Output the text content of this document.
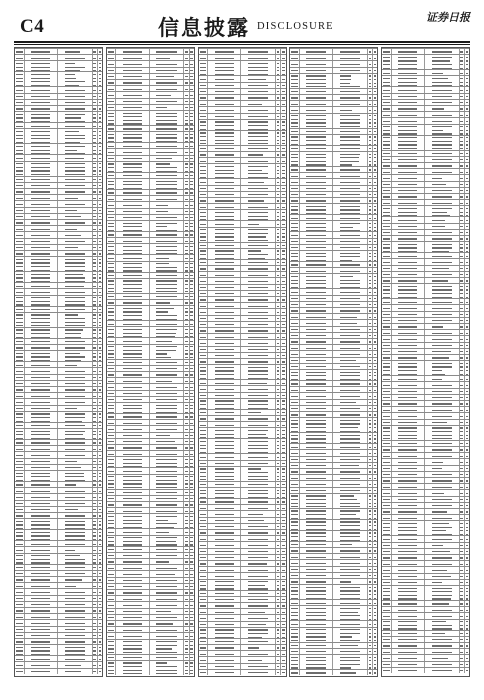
C4	信息披露 DISCLOSURE
证券日报
